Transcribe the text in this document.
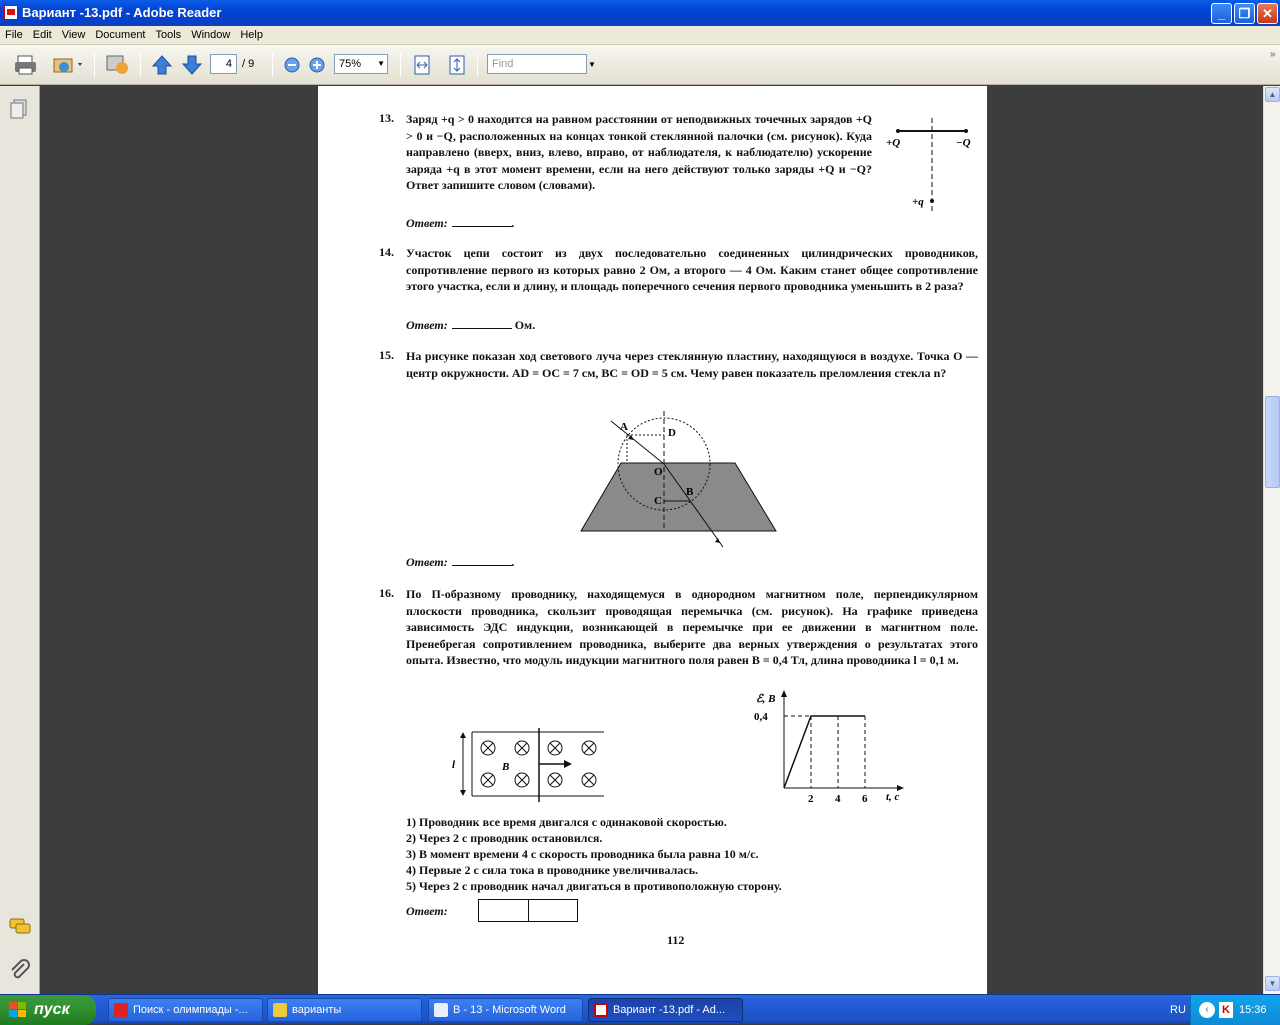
Вариант -13.pdf - Adobe Reader	_	❐ ✕
File Edit View Document Tools Window Help
4 / 9	75% ▼	Find	▼
»
13. Заряд +q > 0 находится на равном расстоянии от неподвижных точечных зарядов +Q > 0 и −Q, расположенных на концах тонкой стеклянной палочки (см. рисунок). Куда направлено (вверх, вниз, влево, вправо, от наблюдателя, к наблюдателю) ускорение заряда +q в этот момент времени, если на него действуют только заряды +Q и −Q? Ответ запишите словом (словами).
+Q	−Q
+q
Ответ:	.
14. Участок цепи состоит из двух последовательно соединенных цилиндрических проводников, сопротивление первого из которых равно 2 Ом, а второго — 4 Ом. Каким станет общее сопротивление этого участка, если и длину, и площадь поперечного сечения первого проводника уменьшить в 2 раза?
Ответ:	Ом.
15. На рисунке показан ход светового луча через стеклянную пластину, находящуюся в воздухе. Точка O — центр окружности. AD = OC = 7 см, BC = OD = 5 см. Чему равен показатель преломления стекла n?
A	D
O
C
B
Ответ:	.
16. По П-образному проводнику, находящемуся в однородном магнитном поле, перпендикулярном плоскости проводника, скользит проводящая перемычка (см. рисунок). На графике приведена зависимость ЭДС индукции, возникающей в перемычке при ее движении в магнитном поле. Пренебрегая сопротивлением проводника, выберите два верных утверждения о результатах этого опыта. Известно, что модуль индукции магнитного поля равен B = 0,4 Тл, длина проводника l = 0,1 м.
l	B⃗
ℰ, В
t, c
0,4
2 4 6
1) Проводник все время двигался с одинаковой скоростью.
2) Через 2 с проводник остановился.
3) В момент времени 4 с скорость проводника была равна 10 м/с.
4) Первые 2 с сила тока в проводнике увеличивалась.
5) Через 2 с проводник начал двигаться в противоположную сторону.
Ответ:
112
▲
▼
пуск	Поиск - олимпиады -...	варианты	В - 13 - Microsoft Word	Вариант -13.pdf - Ad...	RU	‹	K 15:36
